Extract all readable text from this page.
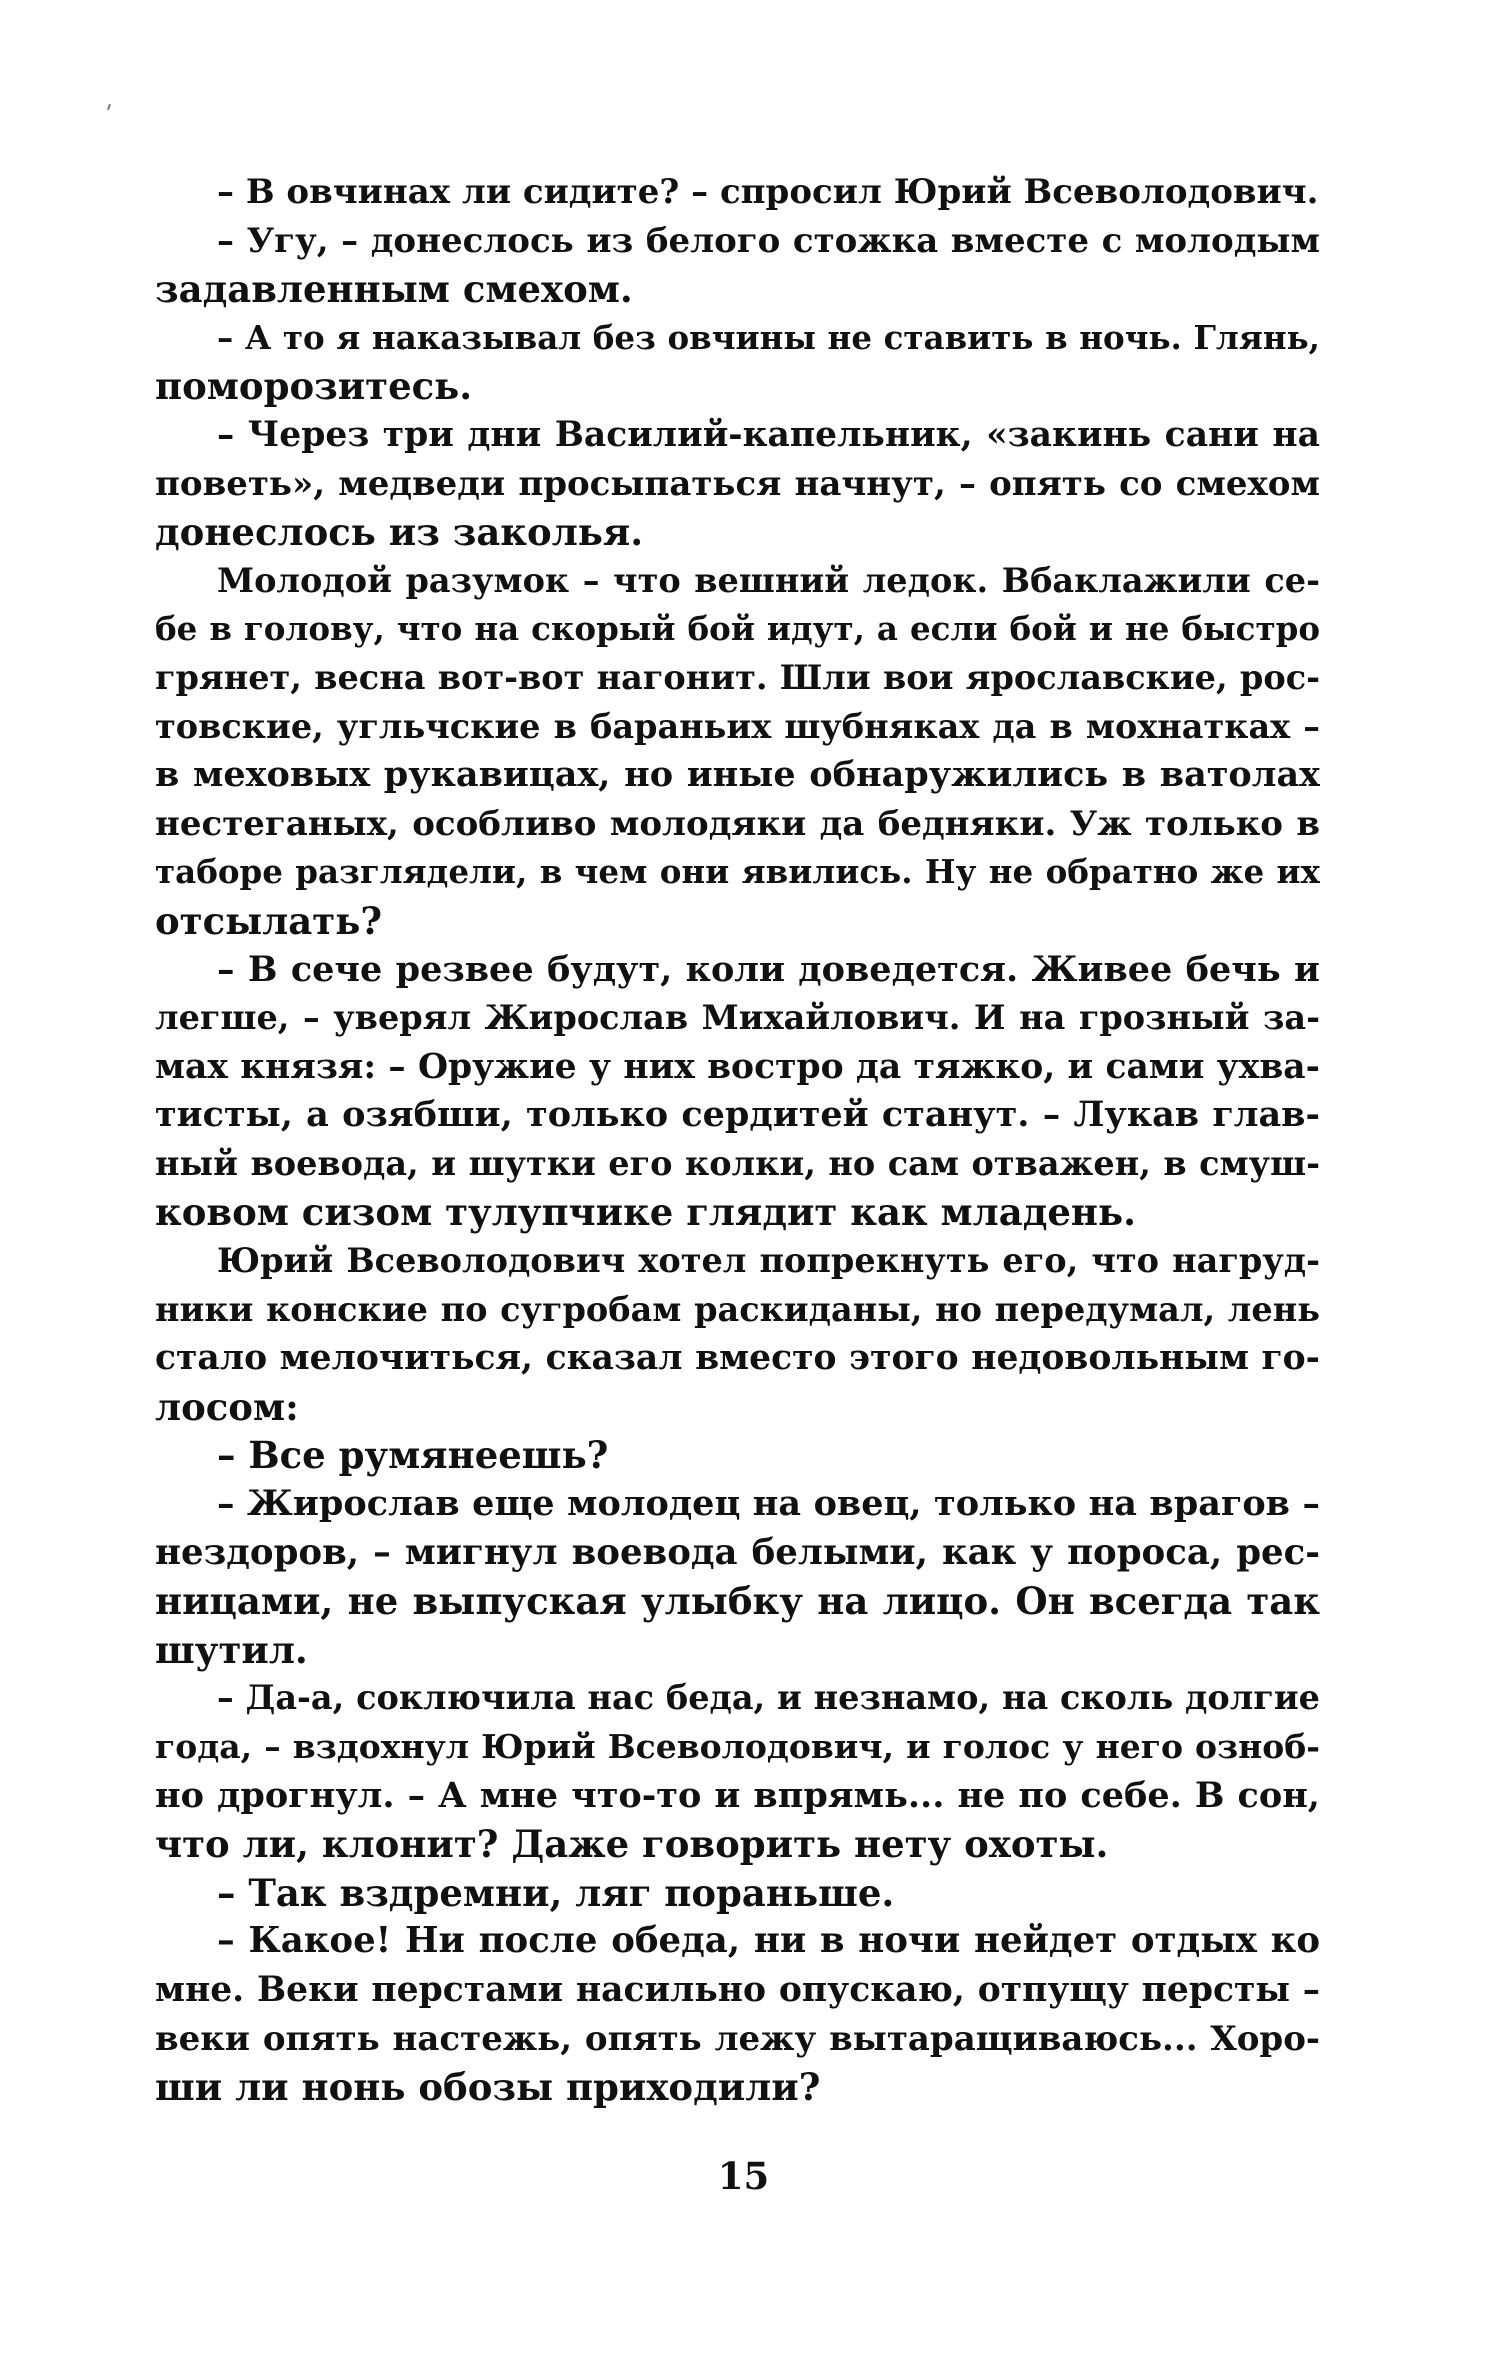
– В овчинах ли сидите? – спросил Юрий Всеволодович.
– Угу, – донеслось из белого стожка вместе с молодым
задавленным смехом.
– А то я наказывал без овчины не ставить в ночь. Глянь,
поморозитесь.
– Через три дни Василий-капельник, «закинь сани на
поветь», медведи просыпаться начнут, – опять со смехом
донеслось из заколья.
Молодой разумок – что вешний ледок. Вбаклажили се-
бе в голову, что на скорый бой идут, а если бой и не быстро
грянет, весна вот-вот нагонит. Шли вои ярославские, рос-
товские, угльчские в бараньих шубняках да в мохнатках –
в меховых рукавицах, но иные обнаружились в ватолах
нестеганых, особливо молодяки да бедняки. Уж только в
таборе разглядели, в чем они явились. Ну не обратно же их
отсылать?
– В сече резвее будут, коли доведется. Живее бечь и
легше, – уверял Жирослав Михайлович. И на грозный за-
мах князя: – Оружие у них востро да тяжко, и сами ухва-
тисты, а озябши, только сердитей станут. – Лукав глав-
ный воевода, и шутки его колки, но сам отважен, в смуш-
ковом сизом тулупчике глядит как младень.
Юрий Всеволодович хотел попрекнуть его, что нагруд-
ники конские по сугробам раскиданы, но передумал, лень
стало мелочиться, сказал вместо этого недовольным го-
лосом:
– Все румянеешь?
– Жирослав еще молодец на овец, только на врагов –
нездоров, – мигнул воевода белыми, как у пороса, рес-
ницами, не выпуская улыбку на лицо. Он всегда так
шутил.
– Да-а, соключила нас беда, и незнамо, на сколь долгие
года, – вздохнул Юрий Всеволодович, и голос у него озноб-
но дрогнул. – А мне что-то и впрямь... не по себе. В сон,
что ли, клонит? Даже говорить нету охоты.
– Так вздремни, ляг пораньше.
– Какое! Ни после обеда, ни в ночи нейдет отдых ко
мне. Веки перстами насильно опускаю, отпущу персты –
веки опять настежь, опять лежу вытаращиваюсь... Хоро-
ши ли нонь обозы приходили?
15
